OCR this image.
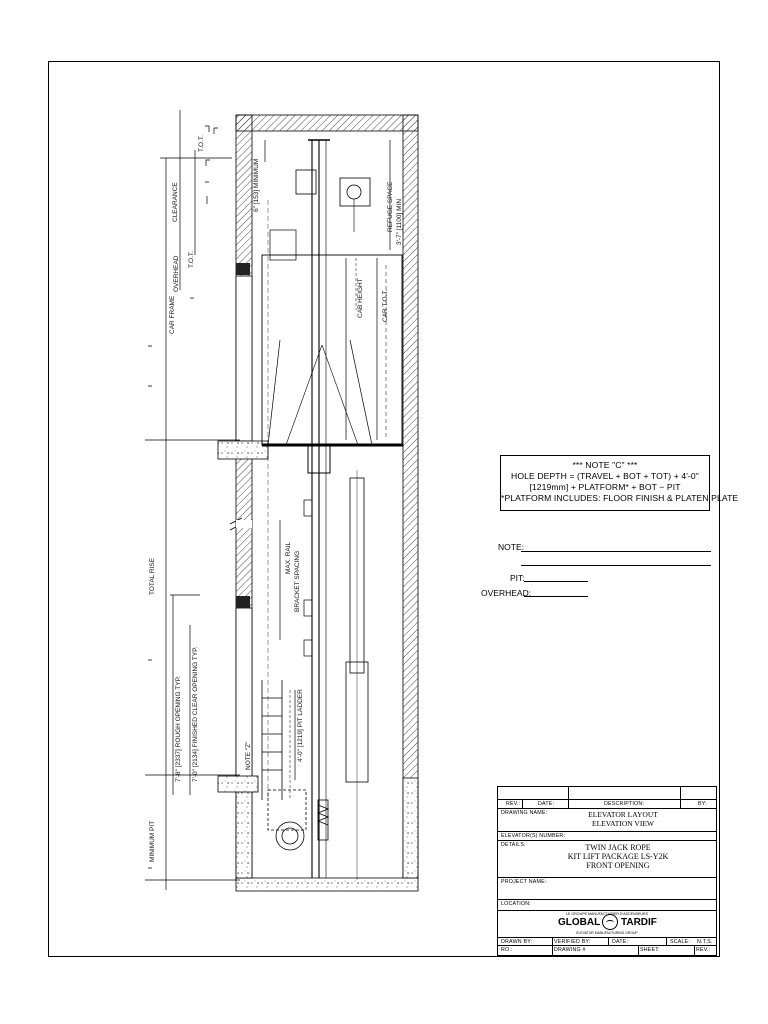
T.O.T.
CLEARANCE
T.O.T.
OVERHEAD
CAR FRAME
TOTAL RISE
7'-8" [2337] ROUGH OPENING TYP. 7'-0" [2134] FINISHED CLEAR OPENING TYP.
MINIMUM PIT
NOTE "Z"
6" [153] MINIMUM	REFUGE SPACE 3'-7" [1100] MIN
CAB HEIGHT	CAR T.O.T.
MAX. RAIL BRACKET SPACING
4'-0" [1219] PIT LADDER
*** NOTE "C" ***
HOLE DEPTH = (TRAVEL + BOT + TOT) + 4'-0"
[1219mm] + PLATFORM* + BOT − PIT
*PLATFORM INCLUDES: FLOOR FINISH & PLATEN PLATE
NOTE:
PIT:
OVERHEAD:
REV.:	DATE:	DESCRIPTION:	BY:
DRAWING NAME:	ELEVATOR LAYOUT
ELEVATION VIEW
ELEVATOR(S) NUMBER:
DETAILS:	TWIN JACK ROPE
KIT LIFT PACKAGE LS-Y2K
FRONT OPENING
PROJECT NAME:
LOCATION:
LE GROUPE MANUFACTURIER D'ASCENSEURS
GLOBAL TARDIF
ELEVATOR MANUFACTURING GROUP
DRAWN BY:	VERIFIED BY:	DATE:	SCALE: N.T.S.
RO.:	DRAWING #	SHEET:	REV.:
